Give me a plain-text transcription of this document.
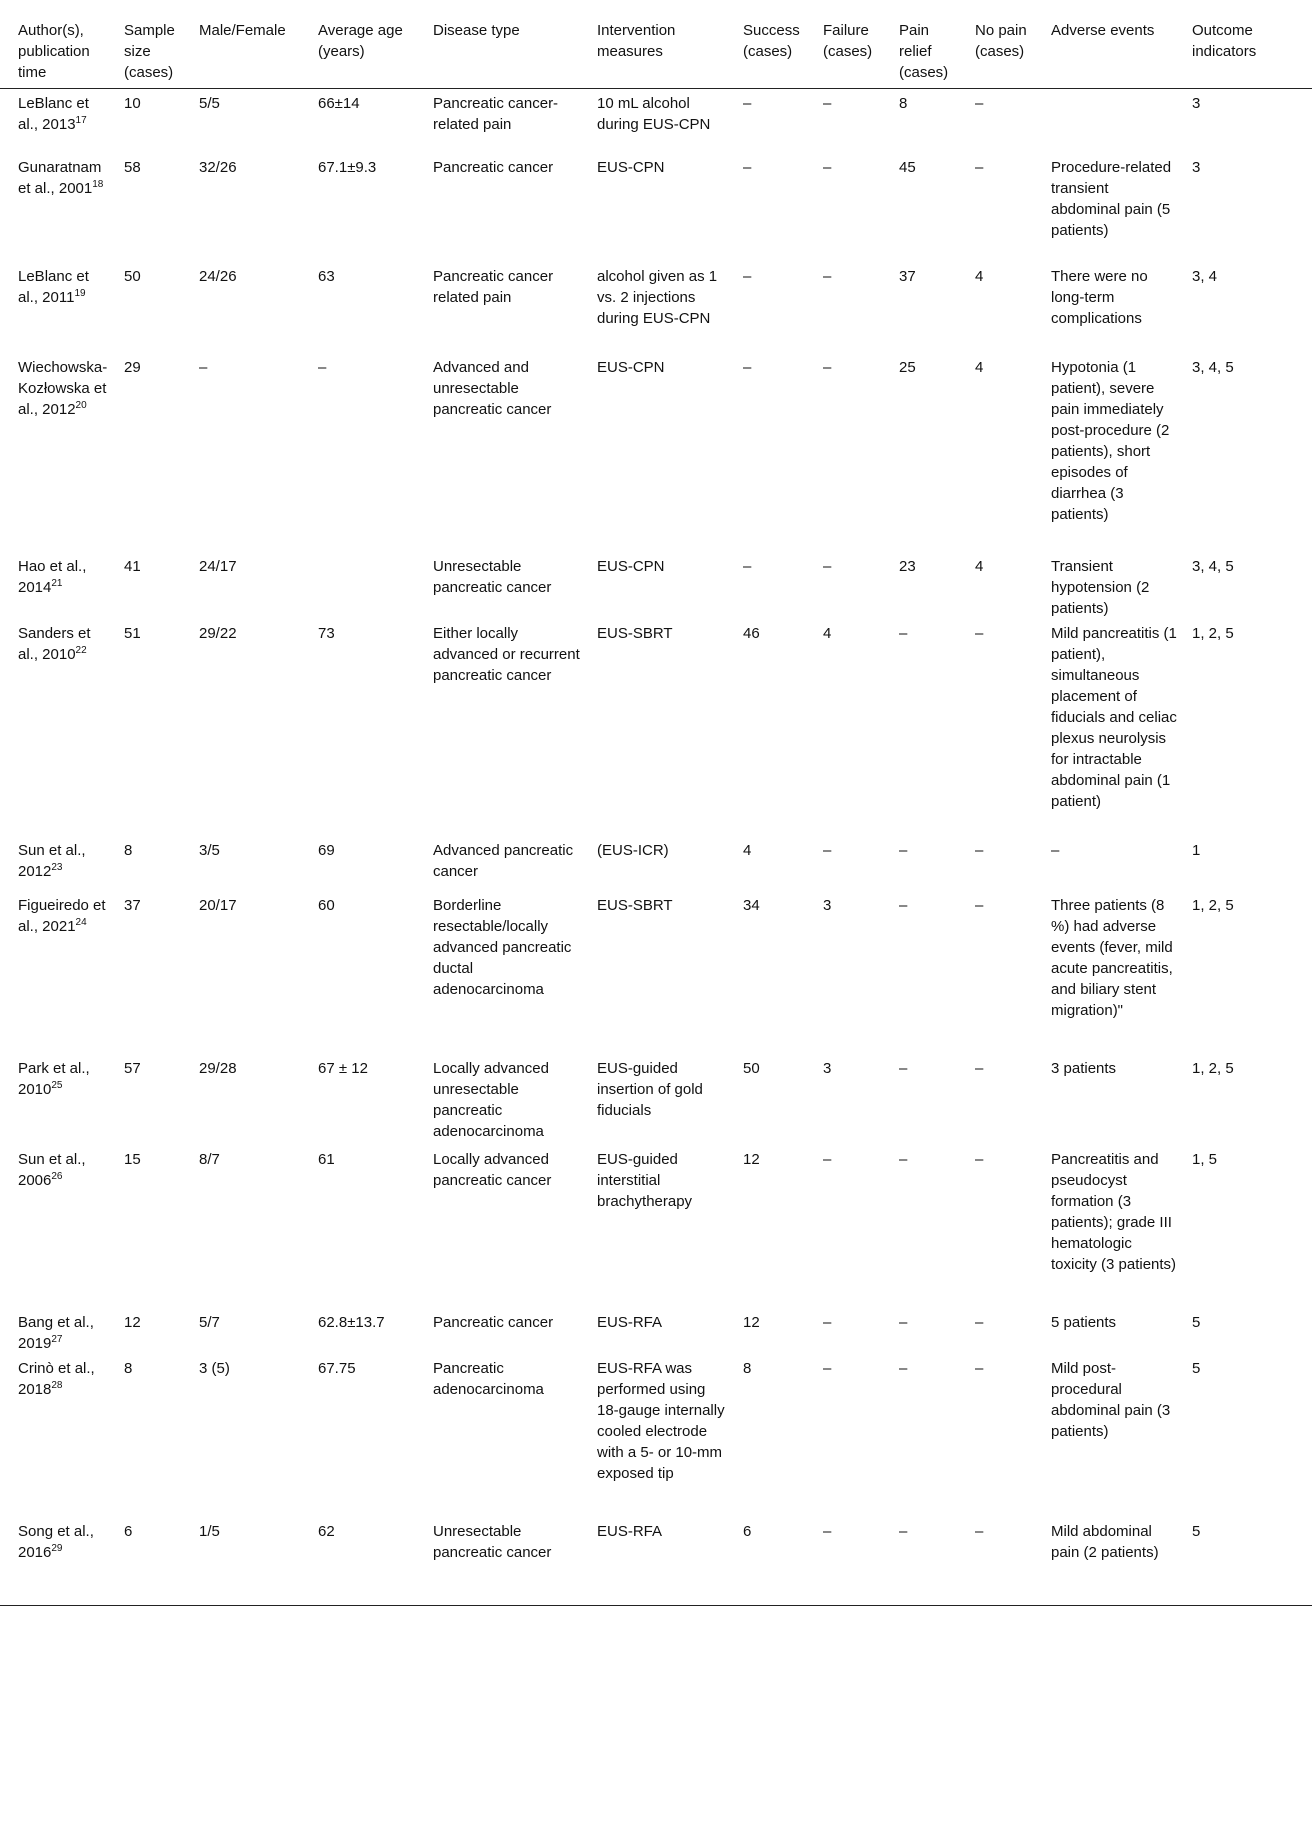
Author(s), publication time	Sample size (cases)	Male/Female	Average age (years)	Disease type	Intervention measures	Success (cases)	Failure (cases)	Pain relief (cases)	No pain (cases)	Adverse events	Outcome indicators
LeBlanc et al., 2013$^{17}$	10	5/5	66±14	Pancreatic cancer-related pain	10 mL alcohol during EUS-CPN	–	–	8	–		3
Gunaratnam et al., 2001$^{18}$	58	32/26	67.1±9.3	Pancreatic cancer	EUS-CPN	–	–	45	–	Procedure-related transient abdominal pain (5 patients)	3
LeBlanc et al., 2011$^{19}$	50	24/26	63	Pancreatic cancer related pain	alcohol given as 1 vs. 2 injections during EUS-CPN	–	–	37	4	There were no long-term complications	3, 4
Wiechowska-Kozłowska et al., 2012$^{20}$	29	–	–	Advanced and unresectable pancreatic cancer	EUS-CPN	–	–	25	4	Hypotonia (1 patient), severe pain immediately post-procedure (2 patients), short episodes of diarrhea (3 patients)	3, 4, 5
Hao et al., 2014$^{21}$	41	24/17		Unresectable pancreatic cancer	EUS-CPN	–	–	23	4	Transient hypotension (2 patients)	3, 4, 5
Sanders et al., 2010$^{22}$	51	29/22	73	Either locally advanced or recurrent pancreatic cancer	EUS-SBRT	46	4	–	–	Mild pancreatitis (1 patient), simultaneous placement of fiducials and celiac plexus neurolysis for intractable abdominal pain (1 patient)	1, 2, 5
Sun et al., 2012$^{23}$	8	3/5	69	Advanced pancreatic cancer	(EUS-ICR)	4	–	–	–	–	1
Figueiredo et al., 2021$^{24}$	37	20/17	60	Borderline resectable/locally advanced pancreatic ductal adenocarcinoma	EUS-SBRT	34	3	–	–	Three patients (8 %) had adverse events (fever, mild acute pancreatitis, and biliary stent migration)"	1, 2, 5
Park et al., 2010$^{25}$	57	29/28	67 ± 12	Locally advanced unresectable pancreatic adenocarcinoma	EUS-guided insertion of gold fiducials	50	3	–	–	3 patients	1, 2, 5
Sun et al., 2006$^{26}$	15	8/7	61	Locally advanced pancreatic cancer	EUS-guided interstitial brachytherapy	12	–	–	–	Pancreatitis and pseudocyst formation (3 patients); grade III hematologic toxicity (3 patients)	1, 5
Bang et al., 2019$^{27}$	12	5/7	62.8±13.7	Pancreatic cancer	EUS-RFA	12	–	–	–	5 patients	5
Crinò et al., 2018$^{28}$	8	3 (5)	67.75	Pancreatic adenocarcinoma	EUS-RFA was performed using 18-gauge internally cooled electrode with a 5- or 10-mm exposed tip	8	–	–	–	Mild post-procedural abdominal pain (3 patients)	5
Song et al., 2016$^{29}$	6	1/5	62	Unresectable pancreatic cancer	EUS-RFA	6	–	–	–	Mild abdominal pain (2 patients)	5
